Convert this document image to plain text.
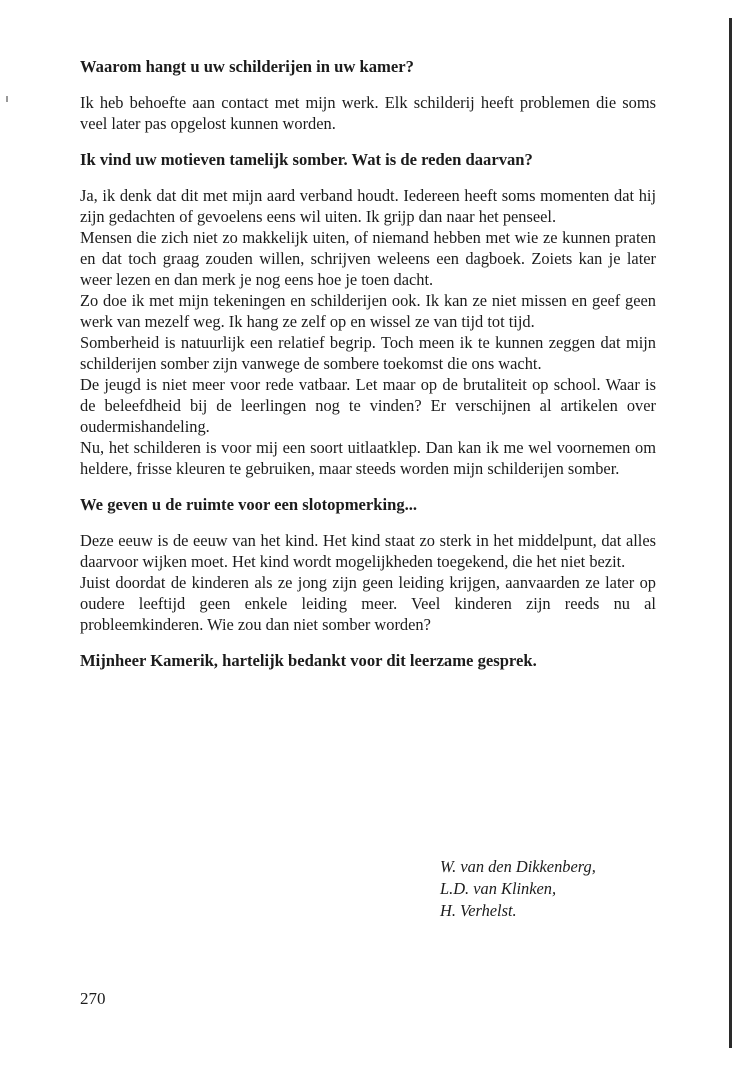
Waarom hangt u uw schilderijen in uw kamer?

Ik heb behoefte aan contact met mijn werk. Elk schilderij heeft problemen die soms veel later pas opgelost kunnen worden.

Ik vind uw motieven tamelijk somber. Wat is de reden daarvan?

Ja, ik denk dat dit met mijn aard verband houdt. Iedereen heeft soms momenten dat hij zijn gedachten of gevoelens eens wil uiten. Ik grijp dan naar het penseel.

Mensen die zich niet zo makkelijk uiten, of niemand hebben met wie ze kunnen praten en dat toch graag zouden willen, schrijven weleens een dagboek. Zoiets kan je later weer lezen en dan merk je nog eens hoe je toen dacht.

Zo doe ik met mijn tekeningen en schilderijen ook. Ik kan ze niet missen en geef geen werk van mezelf weg. Ik hang ze zelf op en wissel ze van tijd tot tijd.

Somberheid is natuurlijk een relatief begrip. Toch meen ik te kunnen zeggen dat mijn schilderijen somber zijn vanwege de sombere toekomst die ons wacht.

De jeugd is niet meer voor rede vatbaar. Let maar op de brutaliteit op school. Waar is de beleefdheid bij de leerlingen nog te vinden? Er verschijnen al artikelen over oudermishandeling.

Nu, het schilderen is voor mij een soort uitlaatklep. Dan kan ik me wel voornemen om heldere, frisse kleuren te gebruiken, maar steeds worden mijn schilderijen somber.

We geven u de ruimte voor een slotopmerking...

Deze eeuw is de eeuw van het kind. Het kind staat zo sterk in het middelpunt, dat alles daarvoor wijken moet. Het kind wordt mogelijkheden toegekend, die het niet bezit.

Juist doordat de kinderen als ze jong zijn geen leiding krijgen, aanvaarden ze later op oudere leeftijd geen enkele leiding meer. Veel kinderen zijn reeds nu al probleemkinderen. Wie zou dan niet somber worden?

Mijnheer Kamerik, hartelijk bedankt voor dit leerzame gesprek.
W. van den Dikkenberg,
L.D. van Klinken,
H. Verhelst.
270
